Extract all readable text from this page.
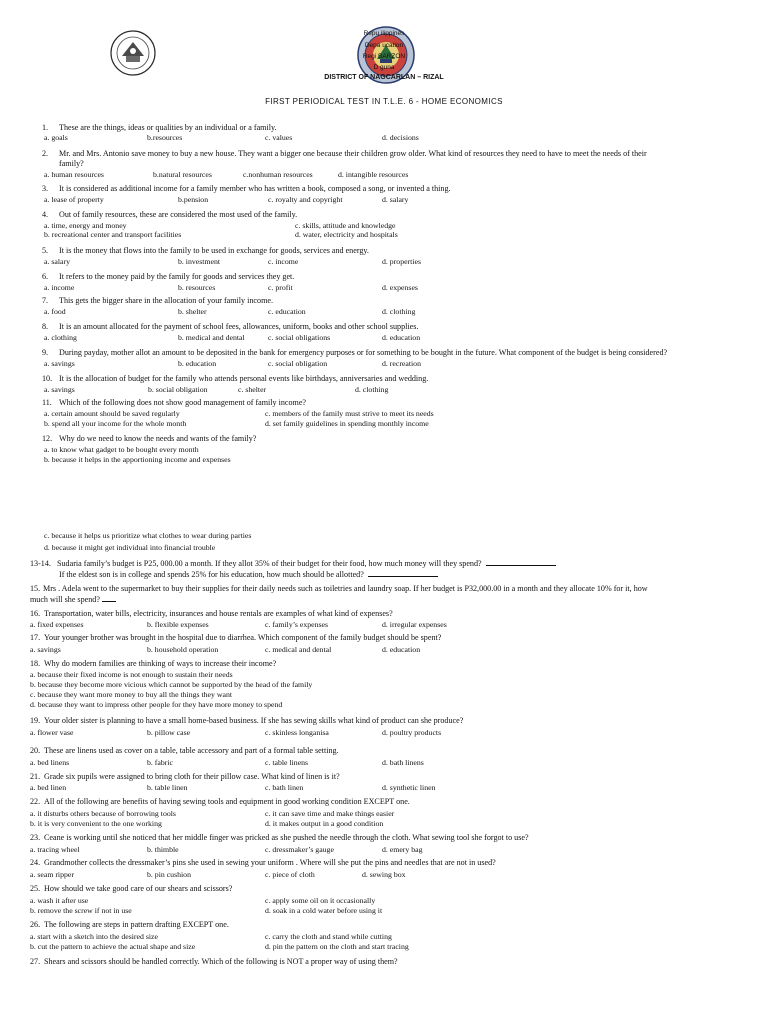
Repu ilippines
Depa ucation
Regi BARZON
D guna
DISTRICT OF NAGCARLAN – RIZAL
FIRST PERIODICAL TEST IN T.L.E. 6 - HOME ECONOMICS
1. These are the things, ideas or qualities by an individual or a family.
a. goals	b.resources	c. values	d. decisions
2. Mr. and Mrs. Antonio save money to buy a new house. They want a bigger one because their children grow older. What kind of resources they need to have to meet the needs of their
family?
a. human resources	b.natural resources	c.nonhuman resources	d. intangible resources
3. It is considered as additional income for a family member who has written a book, composed a song, or invented a thing.
a. lease of property	b.pension	c. royalty and copyright	d. salary
4. Out of family resources, these are considered the most used of the family.
a. time, energy and money	c. skills, attitude and knowledge
b. recreational center and transport facilities	d. water, electricity and hospitals
5. It is the money that flows into the family to be used in exchange for goods, services and energy.
a. salary	b. investment	c. income	d. properties
6. It refers to the money paid by the family for goods and services they get.
a. income	b. resources	c. profit	d. expenses
7. This gets the bigger share in the allocation of your family income.
a. food	b. shelter	c. education	d. clothing
8. It is an amount allocated for the payment of school fees, allowances, uniform, books and other school supplies.
a. clothing	b. medical and dental	c. social obligations	d. education
9. During payday, mother allot an amount to be deposited in the bank for emergency purposes or for something to be bought in the future. What component of the budget is being considered?
a. savings	b. education	c. social obligation	d. recreation
10. It is the allocation of budget for the family who attends personal events like birthdays, anniversaries and wedding.
a. savings	b. social obligation	c. shelter	d. clothing
11. Which of the following does not show good management of family income?
a. certain amount should be saved regularly	c. members of the family must strive to meet its needs
b. spend all your income for the whole month	d. set family guidelines in spending monthly income
12. Why do we need to know the needs and wants of the family?
a. to know what gadget to be bought every month
b. because it helps in the apportioning income and expenses
c. because it helps us prioritize what clothes to wear during parties
d. because it might get individual into financial trouble
13-14. Sudaria family’s budget is P25, 000.00 a month. If they allot 35% of their budget for their food, how much money will they spend?
If the eldest son is in college and spends 25% for his education, how much should be allotted?
15. Mrs . Adela went to the supermarket to buy their supplies for their daily needs such as toiletries and laundry soap. If her budget is P32,000.00 in a month and they allocate 10% for it, how
much will she spend?
16. Transportation, water bills, electricity, insurances and house rentals are examples of what kind of expenses?
a. fixed expenses	b. flexible expenses	c. family’s expenses	d. irregular expenses
17. Your younger brother was brought in the hospital due to diarrhea. Which component of the family budget should be spent?
a. savings	b. household operation	c. medical and dental	d. education
18. Why do modern families are thinking of ways to increase their income?
a. because their fixed income is not enough to sustain their needs
b. because they become more vicious which cannot be supported by the head of the family
c. because they want more money to buy all the things they want
d. because they want to impress other people for they have more money to spend
19. Your older sister is planning to have a small home-based business. If she has sewing skills what kind of product can she produce?
a. flower vase	b. pillow case	c. skinless longanisa	d. poultry products
20. These are linens used as cover on a table, table accessory and part of a formal table setting.
a. bed linens	b. fabric	c. table linens	d. bath linens
21. Grade six pupils were assigned to bring cloth for their pillow case. What kind of linen is it?
a. bed linen	b. table linen	c. bath linen	d. synthetic linen
22. All of the following are benefits of having sewing tools and equipment in good working condition EXCEPT one.
a. it disturbs others because of borrowing tools	c. it can save time and make things easier
b. it is very convenient to the one working	d. it makes output in a good condition
23. Ceane is working until she noticed that her middle finger was pricked as she pushed the needle through the cloth. What sewing tool she forgot to use?
a. tracing wheel	b. thimble	c. dressmaker’s gauge	d. emery bag
24. Grandmother collects the dressmaker’s pins she used in sewing your uniform . Where will she put the pins and needles that are not in used?
a. seam ripper	b. pin cushion	c. piece of cloth	d. sewing box
25. How should we take good care of our shears and scissors?
a. wash it after use	c. apply some oil on it occasionally
b. remove the screw if not in use	d. soak in a cold water before using it
26. The following are steps in pattern drafting EXCEPT one.
a. start with a sketch into the desired size	c. carry the cloth and stand while cutting
b. cut the pattern to achieve the actual shape and size	d. pin the pattern on the cloth and start tracing
27. Shears and scissors should be handled correctly. Which of the following is NOT a proper way of using them?
